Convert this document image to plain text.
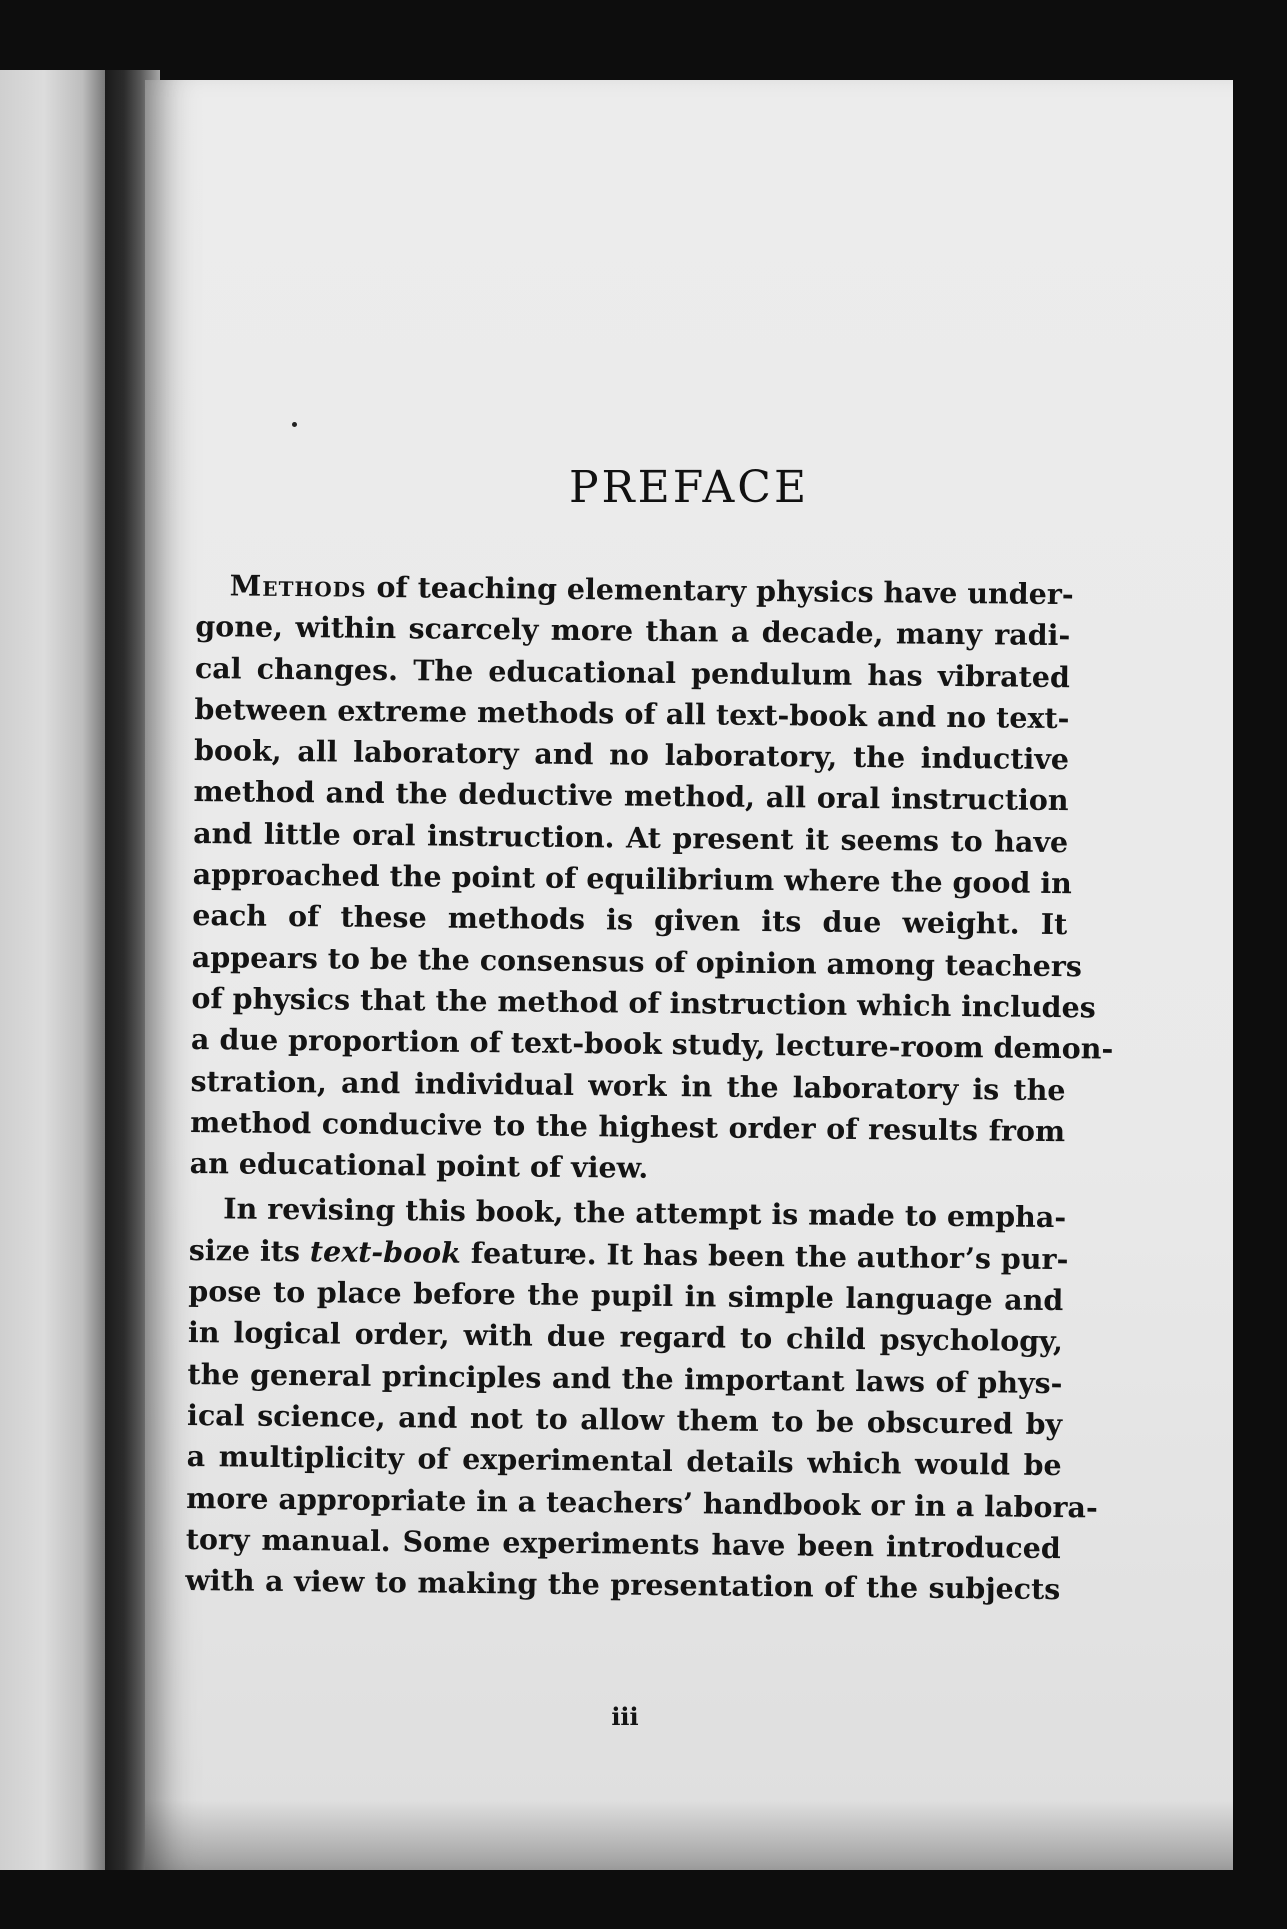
PREFACE
Methods of teaching elementary physics have under-
gone, within scarcely more than a decade, many radi-
cal changes. The educational pendulum has vibrated
between extreme methods of all text-book and no text-
book, all laboratory and no laboratory, the inductive
method and the deductive method, all oral instruction
and little oral instruction. At present it seems to have
approached the point of equilibrium where the good in
each of these methods is given its due weight. It
appears to be the consensus of opinion among teachers
of physics that the method of instruction which includes
a due proportion of text-book study, lecture-room demon-
stration, and individual work in the laboratory is the
method conducive to the highest order of results from
an educational point of view.
In revising this book, the attempt is made to empha-
size its text-book feature. It has been the author’s pur-
pose to place before the pupil in simple language and
in logical order, with due regard to child psychology,
the general principles and the important laws of phys-
ical science, and not to allow them to be obscured by
a multiplicity of experimental details which would be
more appropriate in a teachers’ handbook or in a labora-
tory manual. Some experiments have been introduced
with a view to making the presentation of the subjects
iii
